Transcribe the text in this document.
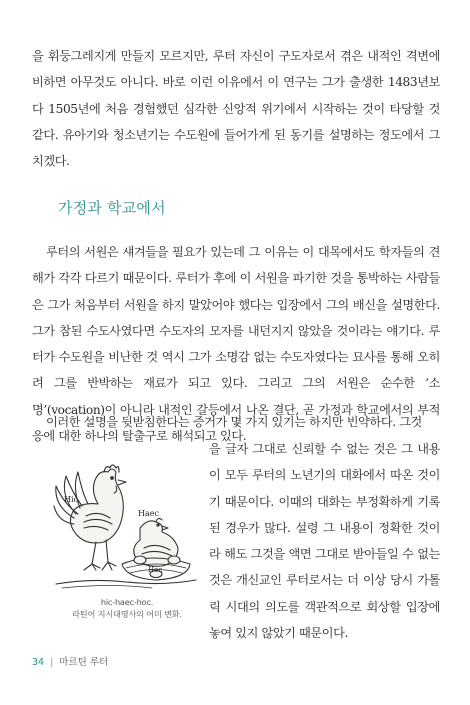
을 휘둥그레지게 만들지 모르지만, 루터 자신이 구도자로서 겪은 내적인 격변에 비하면 아무것도 아니다. 바로 이런 이유에서 이 연구는 그가 출생한 1483년보다 1505년에 처음 경험했던 심각한 신앙적 위기에서 시작하는 것이 타당할 것 같다. 유아기와 청소년기는 수도원에 들어가게 된 동기를 설명하는 정도에서 그치겠다.

가정과 학교에서

루터의 서원은 섀겨들을 필요가 있는데 그 이유는 이 대목에서도 학자들의 견해가 각각 다르기 때문이다. 루터가 후에 이 서원을 파기한 것을 통박하는 사람들은 그가 처음부터 서원을 하지 말았어야 했다는 입장에서 그의 배신을 설명한다. 그가 참된 수도사였다면 수도자의 모자를 내던지지 않았을 것이라는 얘기다. 루터가 수도원을 비난한 것 역시 그가 소명감 없는 수도자였다는 묘사를 통해 오히려 그를 반박하는 재료가 되고 있다. 그리고 그의 서원은 순수한 ‘소명’(vocation)이 아니라 내적인 갈등에서 나온 결단, 곧 가정과 학교에서의 부적응에 대한 하나의 탈출구로 해석되고 있다.

이러한 설명을 뒷받침한다는 증거가 몇 가지 있기는 하지만 빈약하다. 그것

을 글자 그대로 신뢰할 수 없는 것은 그 내용이 모두 루터의 노년기의 대화에서 따온 것이기 때문이다. 이때의 대화는 부정확하게 기록된 경우가 많다. 설령 그 내용이 정확한 것이라 해도 그것을 액면 그대로 받아들일 수 없는 것은 개신교인 루터로서는 더 이상 당시 가톨릭 시대의 의도를 객관적으로 회상할 입장에 놓여 있지 않았기 때문이다.

Hic
Haec
Hoc
hic-haec-hoc.
라틴어 지시대명사의 어미 변화.
34 | 마르틴 루터
